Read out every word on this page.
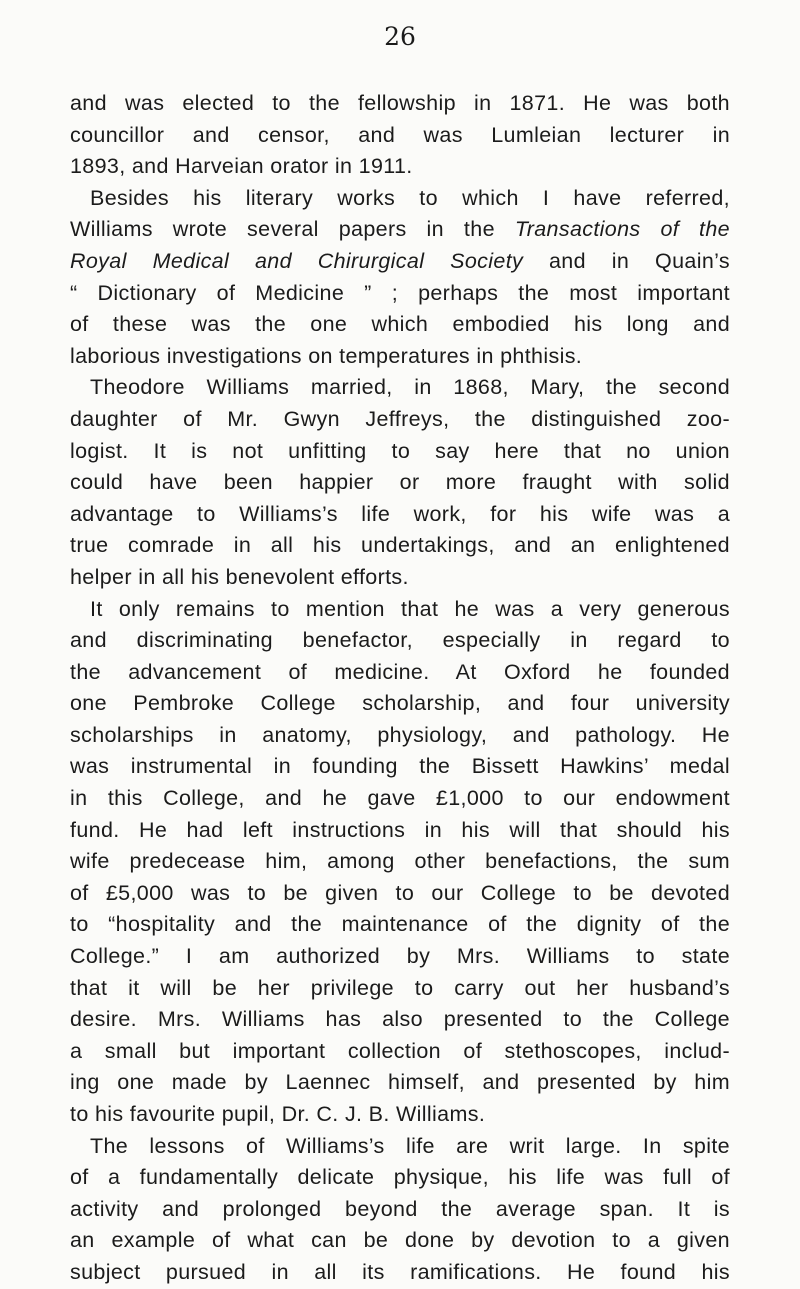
26
and was elected to the fellowship in 1871. He was both
councillor and censor, and was Lumleian lecturer in
1893, and Harveian orator in 1911.
Besides his literary works to which I have referred,
Williams wrote several papers in the Transactions of the
Royal Medical and Chirurgical Society and in Quain’s
“ Dictionary of Medicine ” ; perhaps the most important
of these was the one which embodied his long and
laborious investigations on temperatures in phthisis.
Theodore Williams married, in 1868, Mary, the second
daughter of Mr. Gwyn Jeffreys, the distinguished zoo-
logist. It is not unfitting to say here that no union
could have been happier or more fraught with solid
advantage to Williams’s life work, for his wife was a
true comrade in all his undertakings, and an enlightened
helper in all his benevolent efforts.
It only remains to mention that he was a very generous
and discriminating benefactor, especially in regard to
the advancement of medicine. At Oxford he founded
one Pembroke College scholarship, and four university
scholarships in anatomy, physiology, and pathology. He
was instrumental in founding the Bissett Hawkins’ medal
in this College, and he gave £1,000 to our endowment
fund. He had left instructions in his will that should his
wife predecease him, among other benefactions, the sum
of £5,000 was to be given to our College to be devoted
to “hospitality and the maintenance of the dignity of the
College.” I am authorized by Mrs. Williams to state
that it will be her privilege to carry out her husband’s
desire. Mrs. Williams has also presented to the College
a small but important collection of stethoscopes, includ-
ing one made by Laennec himself, and presented by him
to his favourite pupil, Dr. C. J. B. Williams.
The lessons of Williams’s life are writ large. In spite
of a fundamentally delicate physique, his life was full of
activity and prolonged beyond the average span. It is
an example of what can be done by devotion to a given
subject pursued in all its ramifications. He found his
